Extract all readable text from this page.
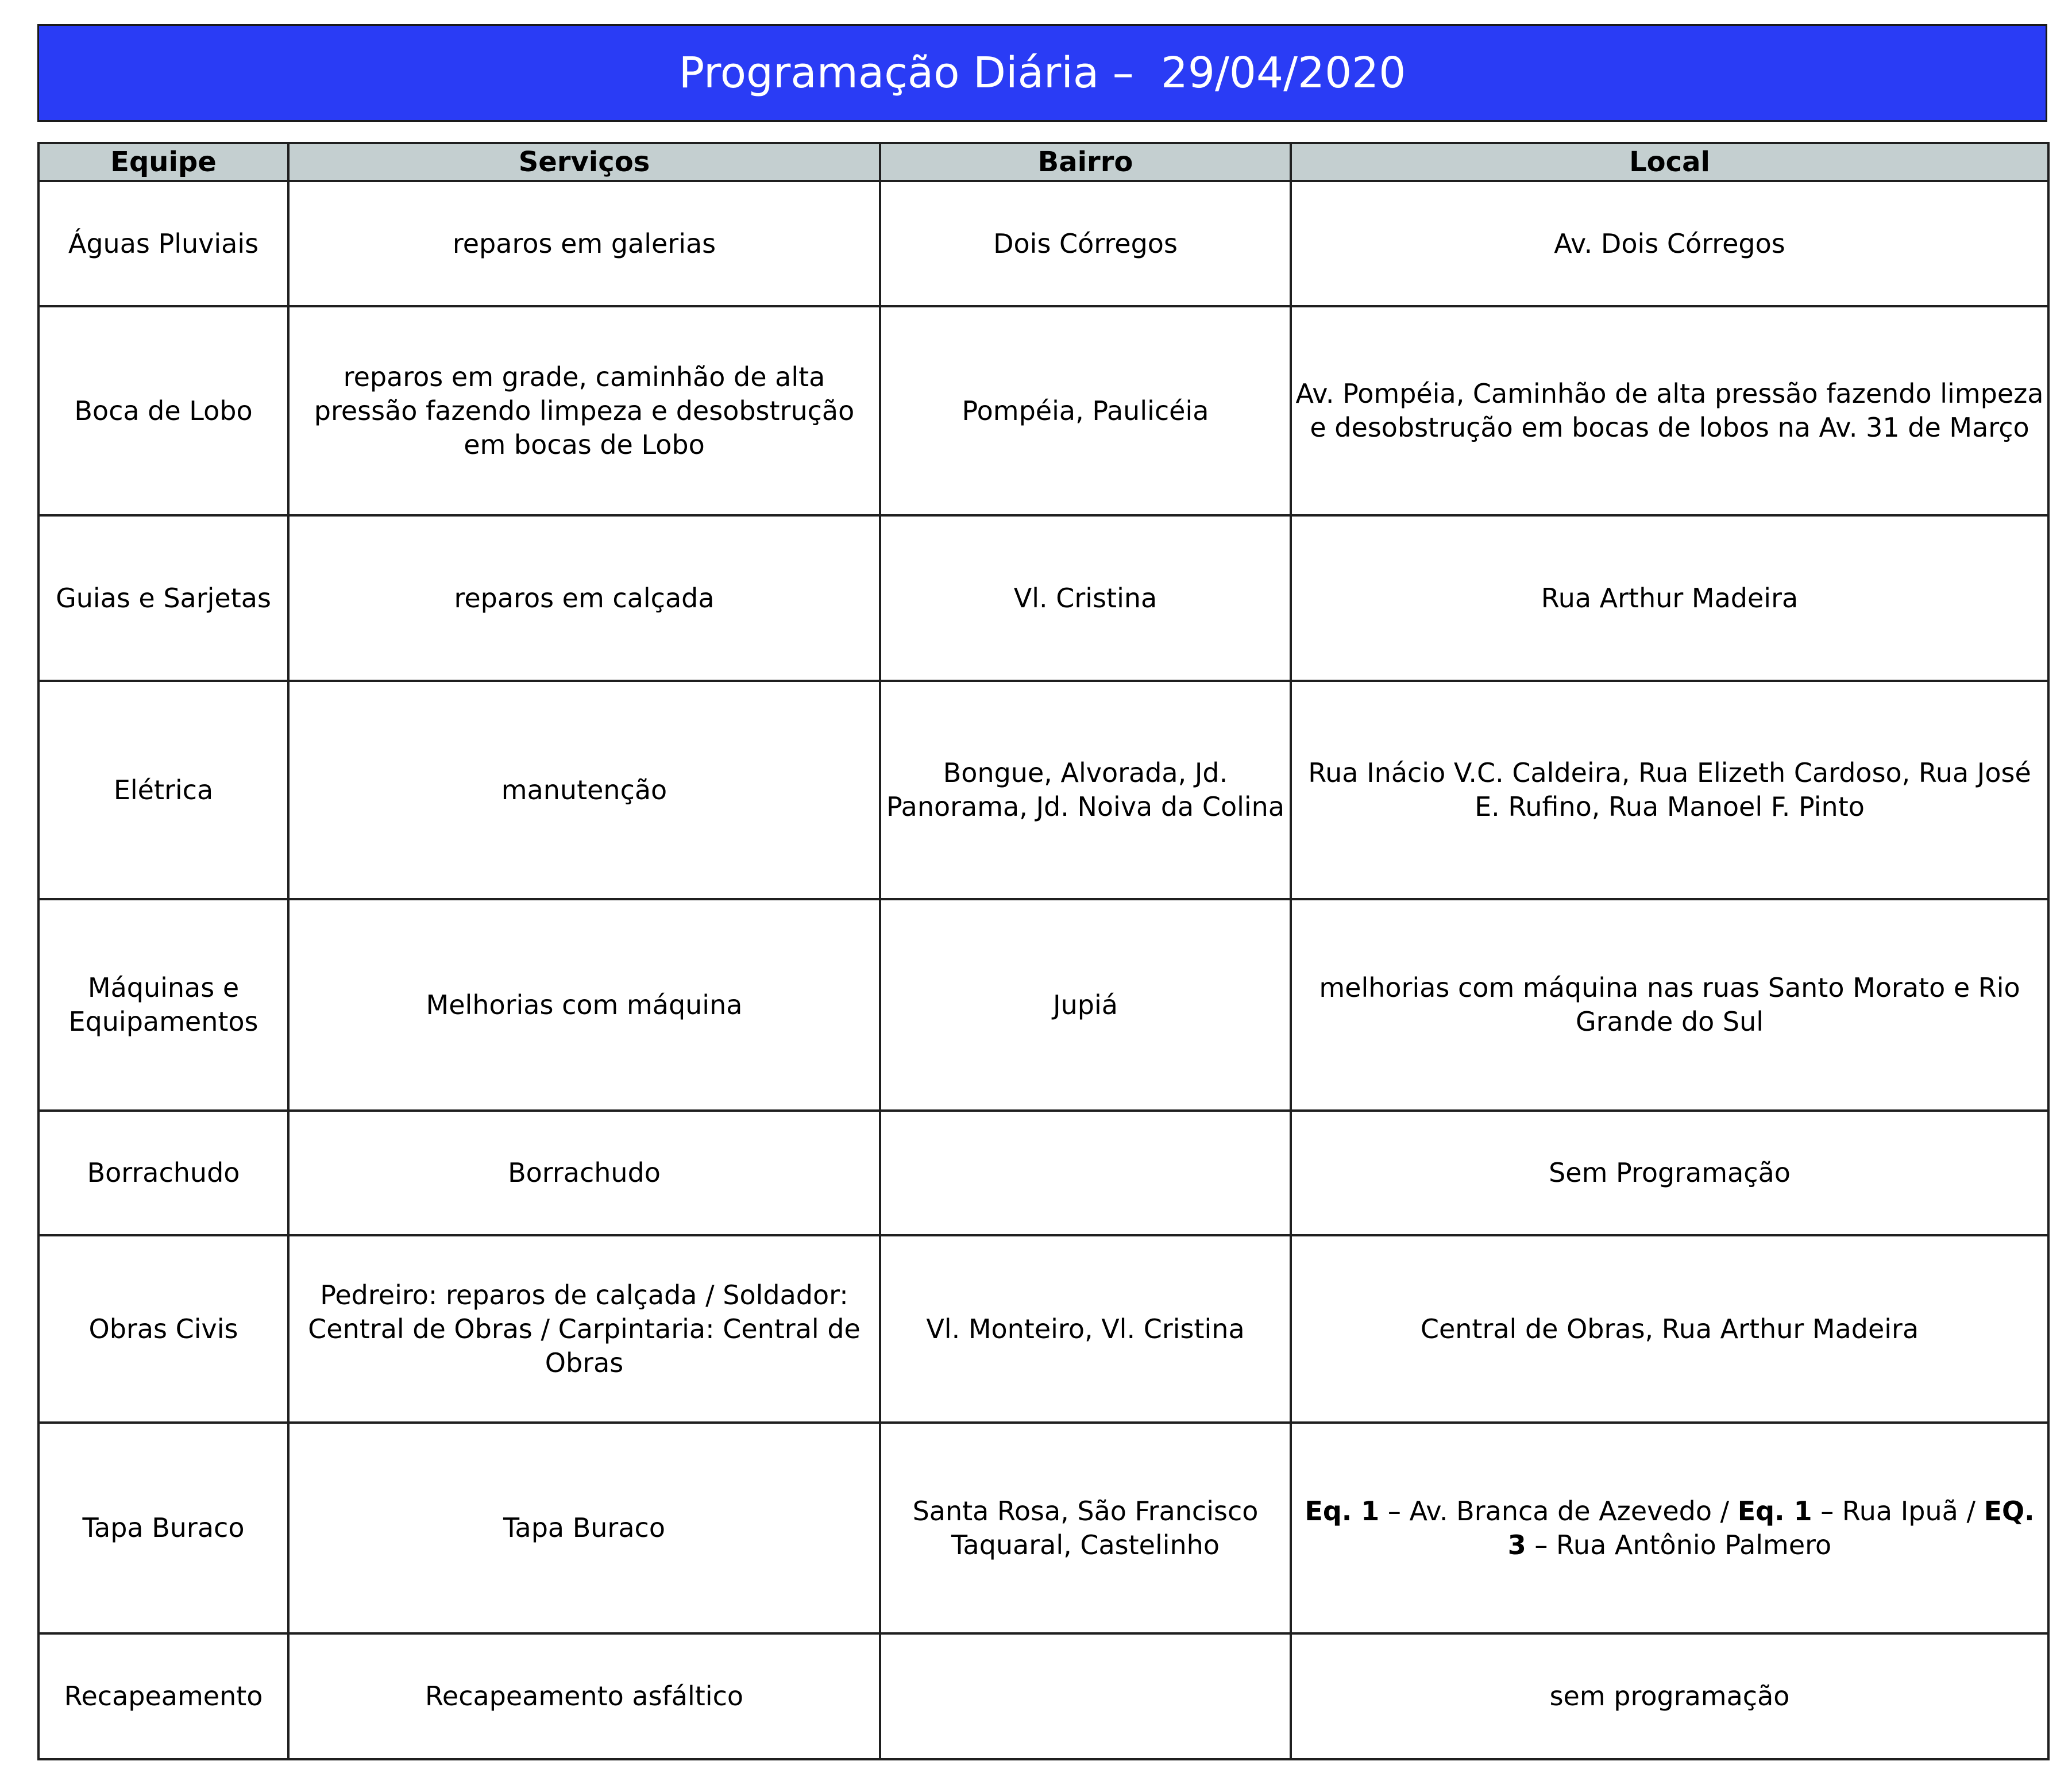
Programação Diária –  29/04/2020
Equipe	Serviços	Bairro	Local
Águas Pluviais	reparos em galerias	Dois Córregos	Av. Dois Córregos
Boca de Lobo	reparos em grade, caminhão de alta pressão fazendo limpeza e desobstrução em bocas de Lobo	Pompéia, Paulicéia	Av. Pompéia, Caminhão de alta pressão fazendo limpeza e desobstrução em bocas de lobos na Av. 31 de Março
Guias e Sarjetas	reparos em calçada	Vl. Cristina	Rua Arthur Madeira
Elétrica	manutenção	Bongue, Alvorada, Jd. Panorama, Jd. Noiva da Colina	Rua Inácio V.C. Caldeira, Rua Elizeth Cardoso, Rua José E. Rufino, Rua Manoel F. Pinto
Máquinas e Equipamentos	Melhorias com máquina	Jupiá	melhorias com máquina nas ruas Santo Morato e Rio Grande do Sul
Borrachudo	Borrachudo		Sem Programação
Obras Civis	Pedreiro: reparos de calçada / Soldador: Central de Obras / Carpintaria: Central de Obras	Vl. Monteiro, Vl. Cristina	Central de Obras, Rua Arthur Madeira
Tapa Buraco	Tapa Buraco	Santa Rosa, São Francisco Taquaral, Castelinho	Eq. 1 – Av. Branca de Azevedo / Eq. 1 – Rua Ipuã / EQ. 3 – Rua Antônio Palmero
Recapeamento	Recapeamento asfáltico		sem programação
